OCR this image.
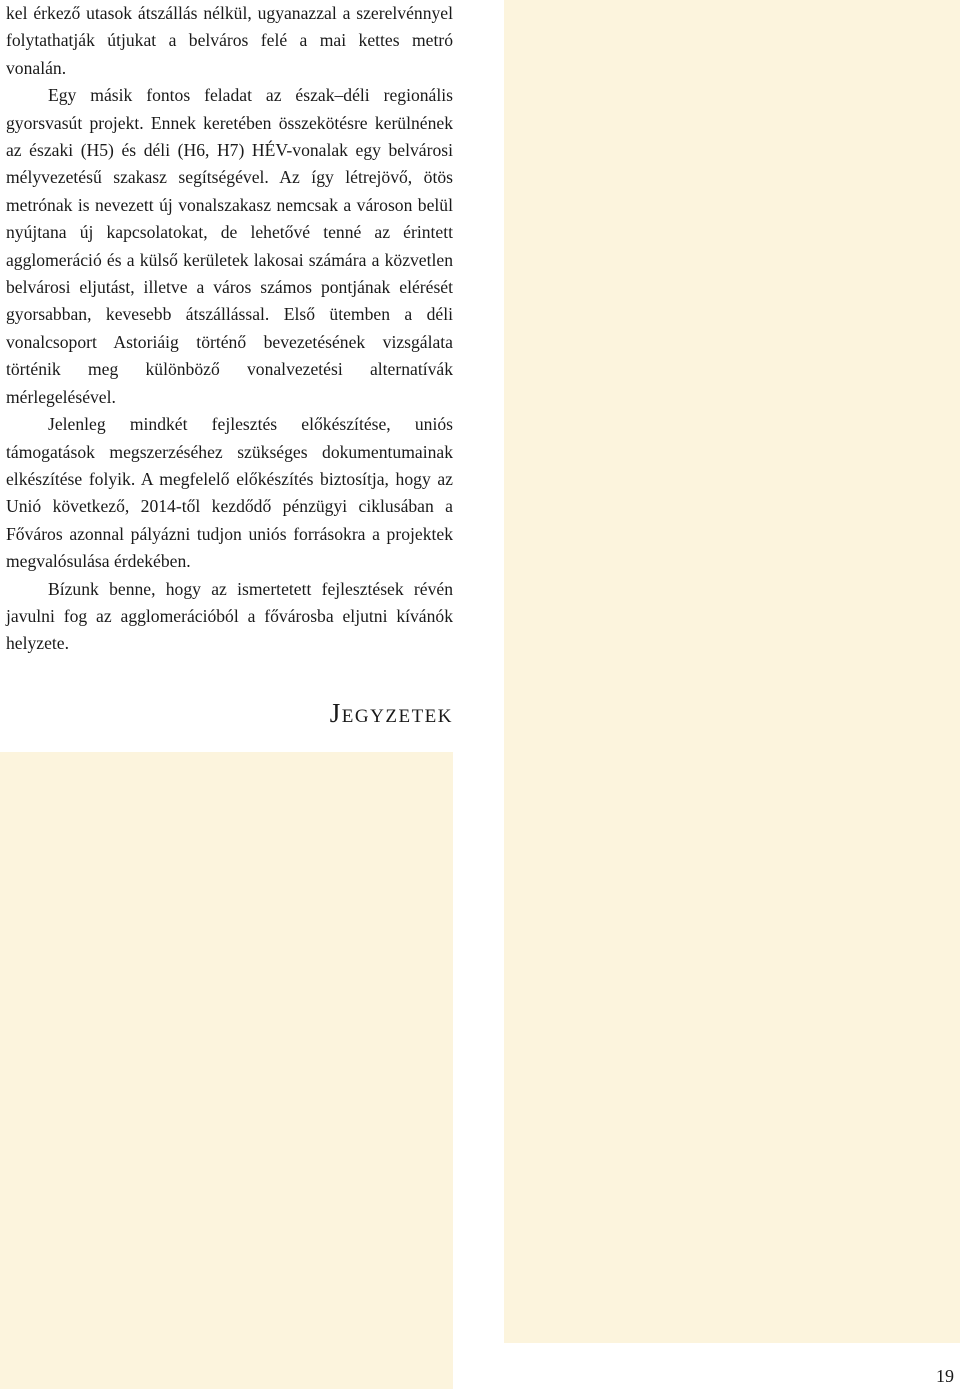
kel érkező utasok átszállás nélkül, ugyanazzal a szerelvénnyel folytathatják útjukat a belváros felé a mai kettes metró vonalán.

Egy másik fontos feladat az észak–déli regionális gyorsvasút projekt. Ennek keretében összekötésre kerülnének az északi (H5) és déli (H6, H7) HÉV-vonalak egy belvárosi mélyvezetésű szakasz segítségével. Az így létrejövő, ötös metrónak is nevezett új vonalszakasz nemcsak a városon belül nyújtana új kapcsolatokat, de lehetővé tenné az érintett agglomeráció és a külső kerületek lakosai számára a közvetlen belvárosi eljutást, illetve a város számos pontjának elérését gyorsabban, kevesebb átszállással. Első ütemben a déli vonalcsoport Astoriáig történő bevezetésének vizsgálata történik meg különböző vonalvezetési alternatívák mérlegelésével.

Jelenleg mindkét fejlesztés előkészítése, uniós támogatások megszerzéséhez szükséges dokumentumainak elkészítése folyik. A megfelelő előkészítés biztosítja, hogy az Unió következő, 2014-től kezdődő pénzügyi ciklusában a Főváros azonnal pályázni tudjon uniós forrásokra a projektek megvalósulása érdekében.

Bízunk benne, hogy az ismertetett fejlesztések révén javulni fog az agglomerációból a fővárosba eljutni kívánók helyzete.

Jegyzetek
19
